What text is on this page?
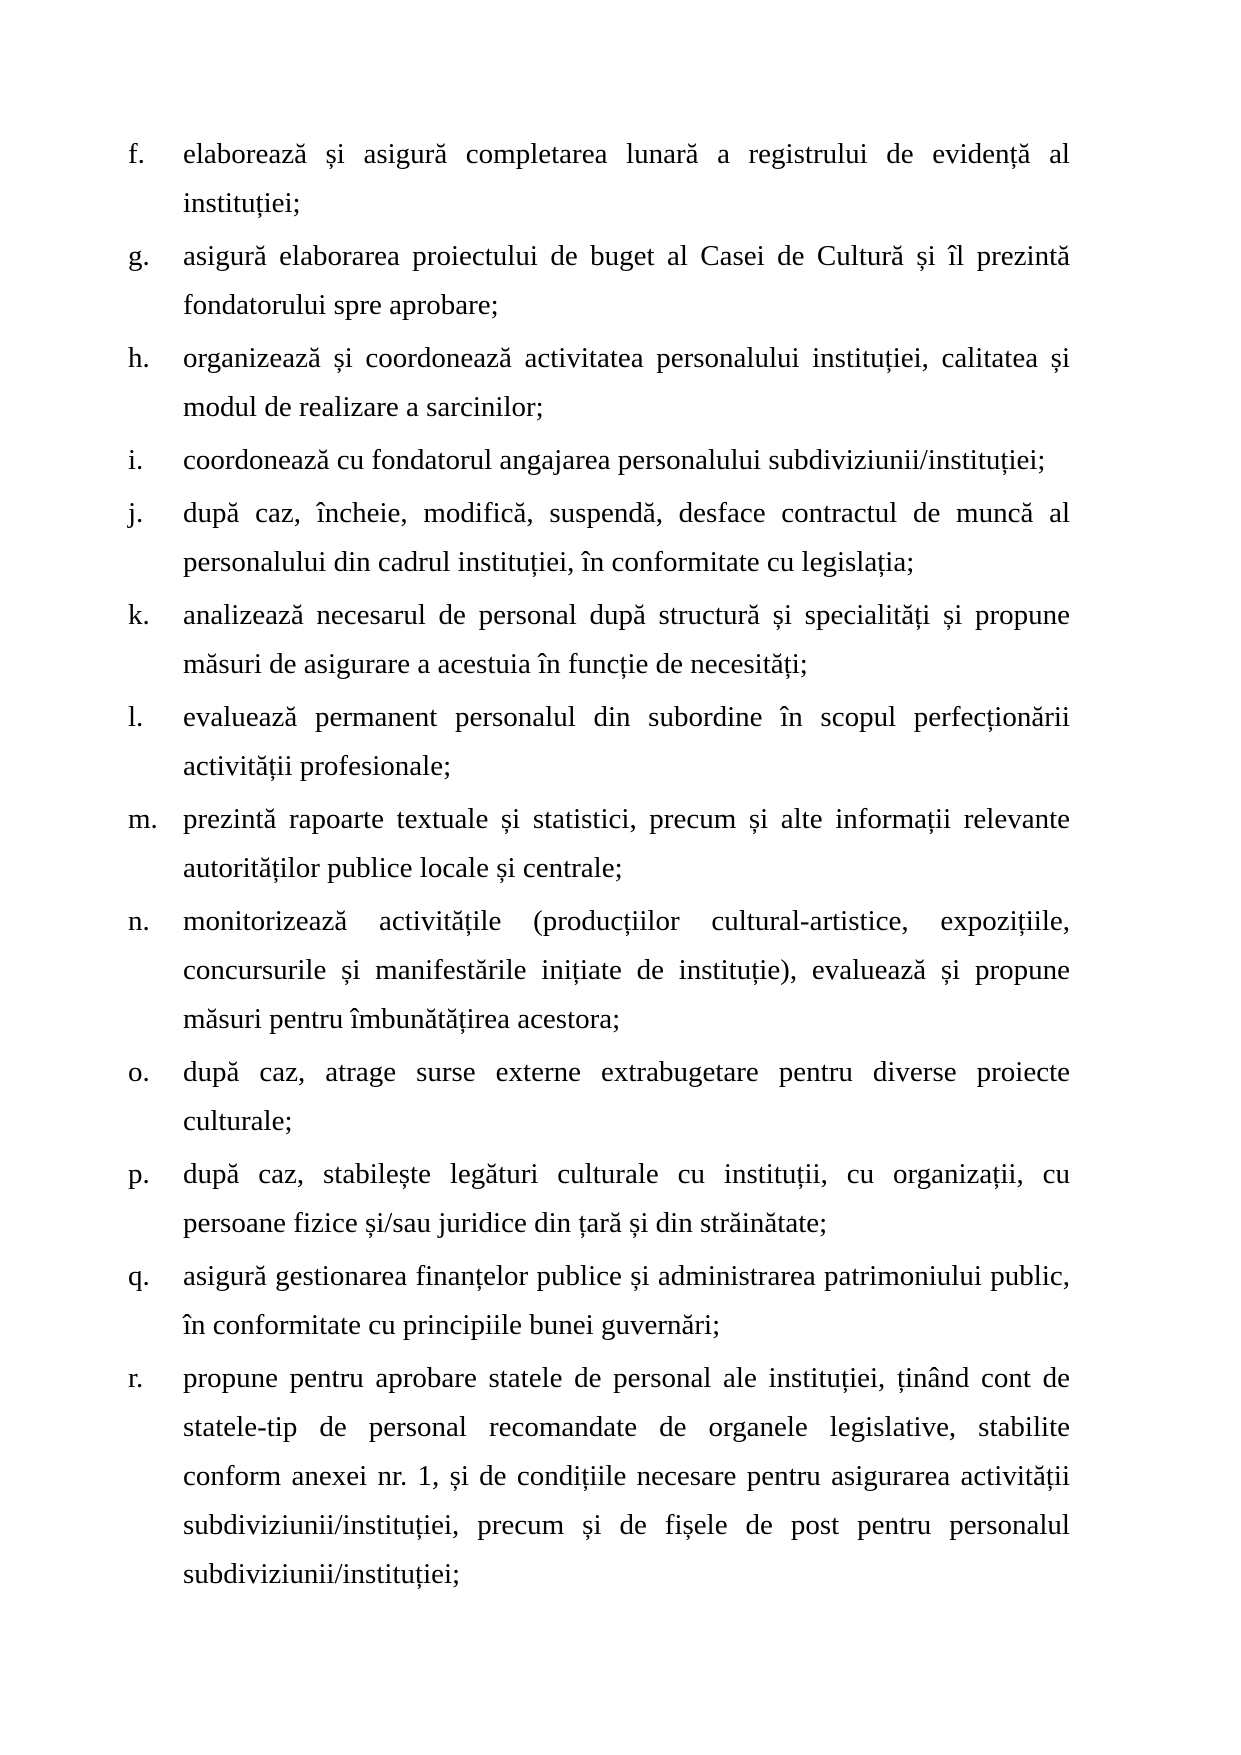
f. elaborează și asigură completarea lunară a registrului de evidență al instituției;
g. asigură elaborarea proiectului de buget al Casei de Cultură și îl prezintă fondatorului spre aprobare;
h. organizează și coordonează activitatea personalului instituției, calitatea și modul de realizare a sarcinilor;
i. coordonează cu fondatorul angajarea personalului subdiviziunii/instituției;
j. după caz, încheie, modifică, suspendă, desface contractul de muncă al personalului din cadrul instituției, în conformitate cu legislația;
k. analizează necesarul de personal după structură și specialități și propune măsuri de asigurare a acestuia în funcție de necesități;
l. evaluează permanent personalul din subordine în scopul perfecționării activității profesionale;
m. prezintă rapoarte textuale și statistici, precum și alte informații relevante autorităților publice locale și centrale;
n. monitorizează activitățile (producțiilor cultural-artistice, expozițiile, concursurile și manifestările inițiate de instituție), evaluează și propune măsuri pentru îmbunătățirea acestora;
o. după caz, atrage surse externe extrabugetare pentru diverse proiecte culturale;
p. după caz, stabilește legături culturale cu instituții, cu organizații, cu persoane fizice și/sau juridice din țară și din străinătate;
q. asigură gestionarea finanțelor publice și administrarea patrimoniului public, în conformitate cu principiile bunei guvernări;
r. propune pentru aprobare statele de personal ale instituției, ținând cont de statele-tip de personal recomandate de organele legislative, stabilite conform anexei nr. 1, și de condițiile necesare pentru asigurarea activității subdiviziunii/instituției, precum și de fișele de post pentru personalul subdiviziunii/instituției;
